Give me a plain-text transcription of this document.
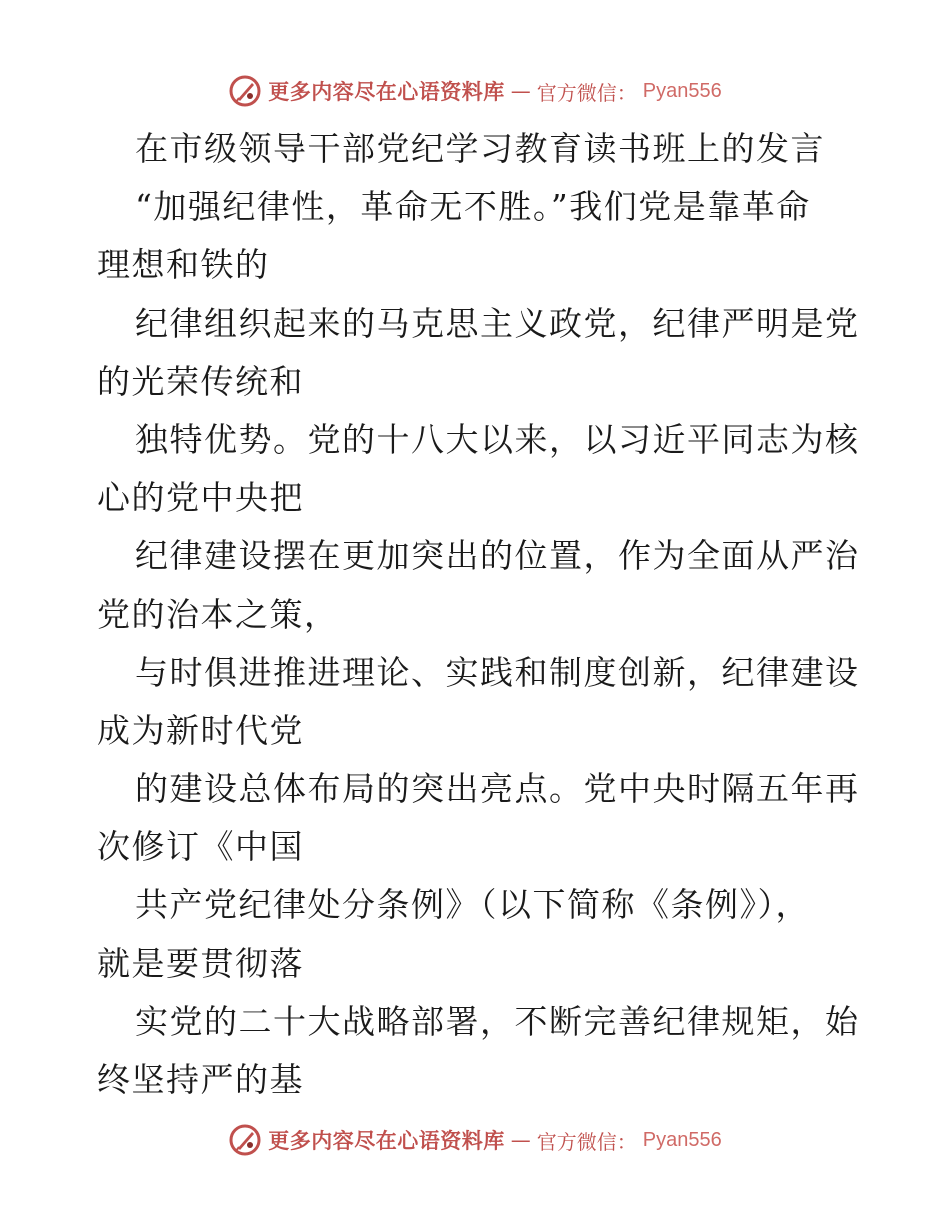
更多内容尽在心语资料库 — 官方微信： Pyan556
在市级领导干部党纪学习教育读书班上的发言
“加强纪律性，革命无不胜。”我们党是靠革命
理想和铁的
纪律组织起来的马克思主义政党，纪律严明是党
的光荣传统和
独特优势。党的十八大以来，以习近平同志为核
心的党中央把
纪律建设摆在更加突出的位置，作为全面从严治
党的治本之策，
与时俱进推进理论、实践和制度创新，纪律建设
成为新时代党
的建设总体布局的突出亮点。党中央时隔五年再
次修订《中国
共产党纪律处分条例》（以下简称《条例》），
就是要贯彻落
实党的二十大战略部署，不断完善纪律规矩，始
终坚持严的基
更多内容尽在心语资料库 — 官方微信： Pyan556
